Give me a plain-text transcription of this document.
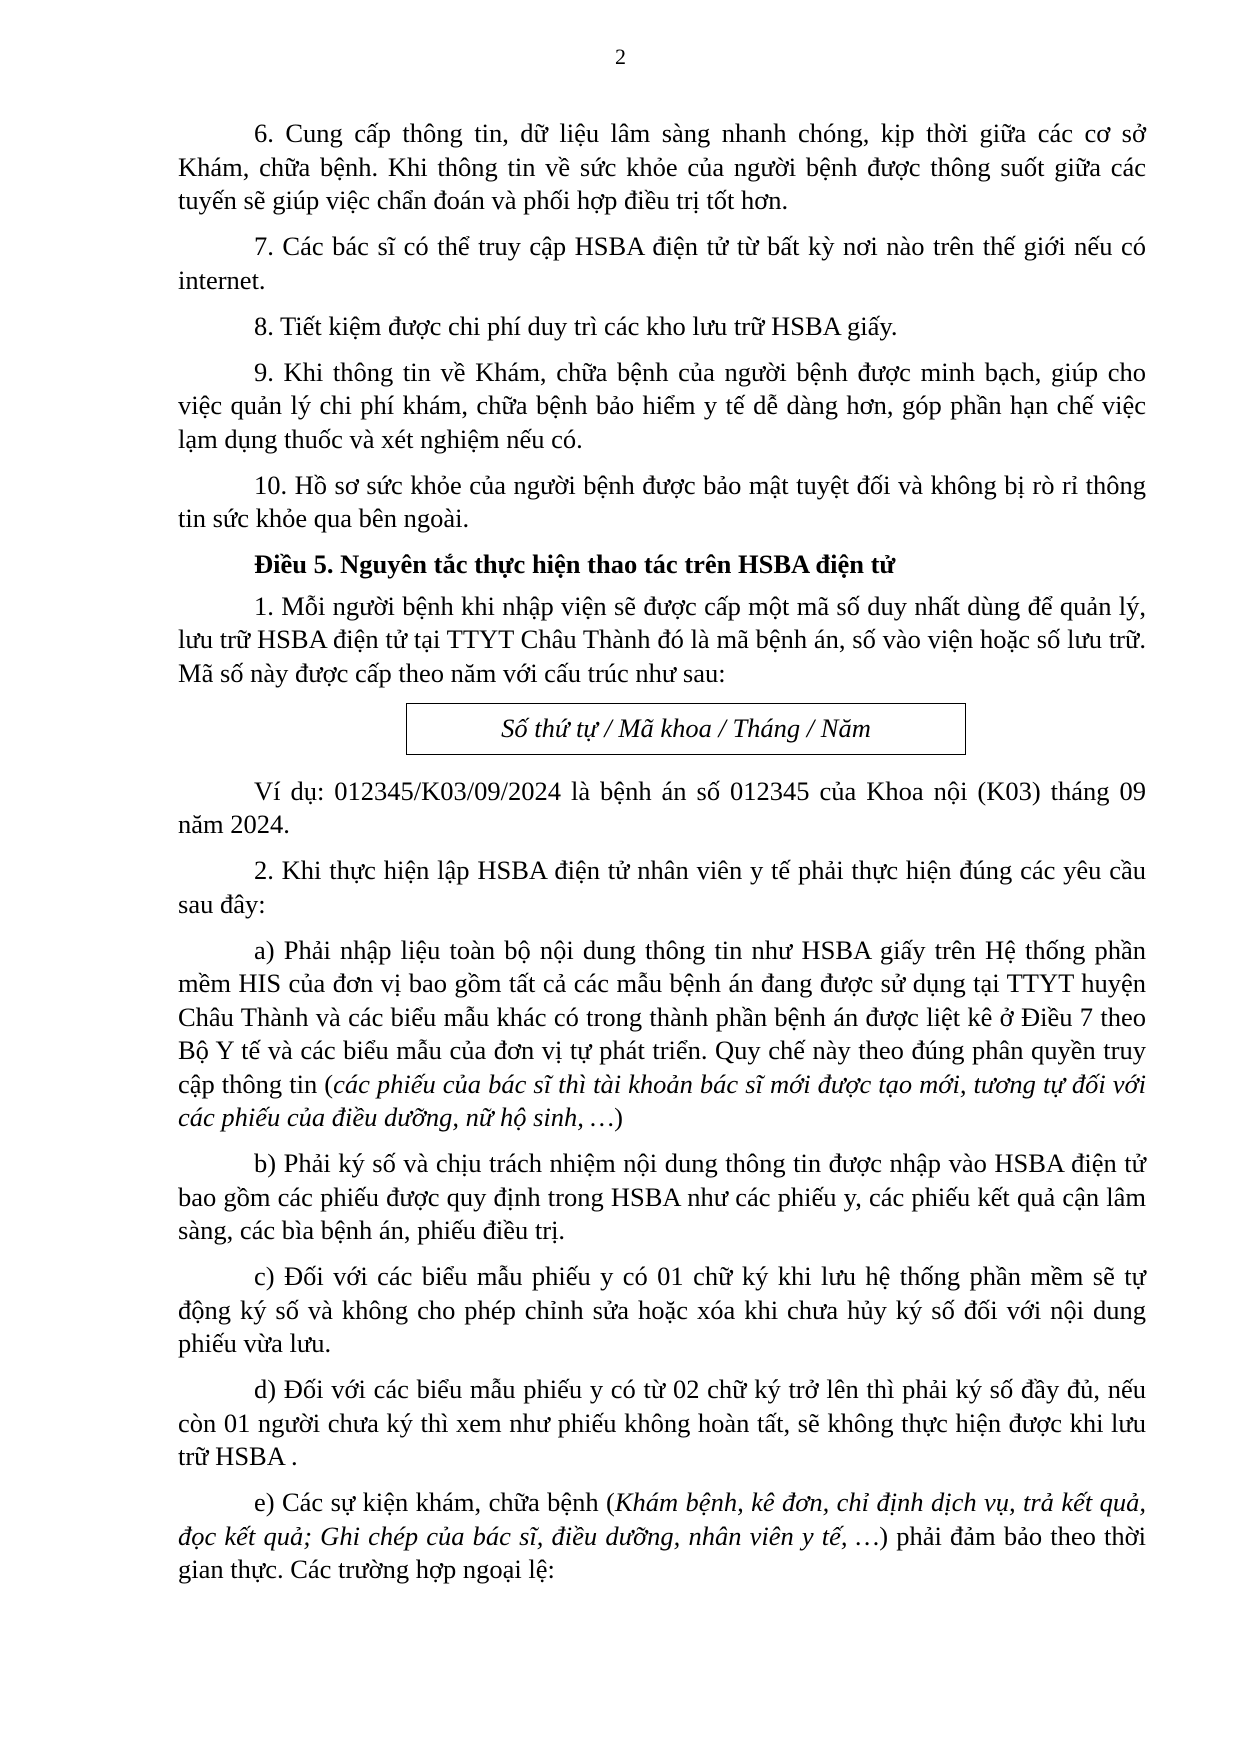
2

6. Cung cấp thông tin, dữ liệu lâm sàng nhanh chóng, kịp thời giữa các cơ sở Khám, chữa bệnh. Khi thông tin về sức khỏe của người bệnh được thông suốt giữa các tuyến sẽ giúp việc chẩn đoán và phối hợp điều trị tốt hơn.

7. Các bác sĩ có thể truy cập HSBA điện tử từ bất kỳ nơi nào trên thế giới nếu có internet.

8. Tiết kiệm được chi phí duy trì các kho lưu trữ HSBA giấy.

9. Khi thông tin về Khám, chữa bệnh của người bệnh được minh bạch, giúp cho việc quản lý chi phí khám, chữa bệnh bảo hiểm y tế dễ dàng hơn, góp phần hạn chế việc lạm dụng thuốc và xét nghiệm nếu có.

10. Hồ sơ sức khỏe của người bệnh được bảo mật tuyệt đối và không bị rò rỉ thông tin sức khỏe qua bên ngoài.

Điều 5. Nguyên tắc thực hiện thao tác trên HSBA điện tử

1. Mỗi người bệnh khi nhập viện sẽ được cấp một mã số duy nhất dùng để quản lý, lưu trữ HSBA điện tử tại TTYT Châu Thành đó là mã bệnh án, số vào viện hoặc số lưu trữ. Mã số này được cấp theo năm với cấu trúc như sau:

Số thứ tự / Mã khoa / Tháng / Năm

Ví dụ: 012345/K03/09/2024 là bệnh án số 012345 của Khoa nội (K03) tháng 09 năm 2024.

2. Khi thực hiện lập HSBA điện tử nhân viên y tế phải thực hiện đúng các yêu cầu sau đây:

a) Phải nhập liệu toàn bộ nội dung thông tin như HSBA giấy trên Hệ thống phần mềm HIS của đơn vị bao gồm tất cả các mẫu bệnh án đang được sử dụng tại TTYT huyện Châu Thành và các biểu mẫu khác có trong thành phần bệnh án được liệt kê ở Điều 7 theo Bộ Y tế và các biểu mẫu của đơn vị tự phát triển. Quy chế này theo đúng phân quyền truy cập thông tin (các phiếu của bác sĩ thì tài khoản bác sĩ mới được tạo mới, tương tự đối với các phiếu của điều dưỡng, nữ hộ sinh, …)

b) Phải ký số và chịu trách nhiệm nội dung thông tin được nhập vào HSBA điện tử bao gồm các phiếu được quy định trong HSBA như các phiếu y, các phiếu kết quả cận lâm sàng, các bìa bệnh án, phiếu điều trị.

c) Đối với các biểu mẫu phiếu y có 01 chữ ký khi lưu hệ thống phần mềm sẽ tự động ký số và không cho phép chỉnh sửa hoặc xóa khi chưa hủy ký số đối với nội dung phiếu vừa lưu.

d) Đối với các biểu mẫu phiếu y có từ 02 chữ ký trở lên thì phải ký số đầy đủ, nếu còn 01 người chưa ký thì xem như phiếu không hoàn tất, sẽ không thực hiện được khi lưu trữ HSBA .

e) Các sự kiện khám, chữa bệnh (Khám bệnh, kê đơn, chỉ định dịch vụ, trả kết quả, đọc kết quả; Ghi chép của bác sĩ, điều dưỡng, nhân viên y tế, …) phải đảm bảo theo thời gian thực. Các trường hợp ngoại lệ:
